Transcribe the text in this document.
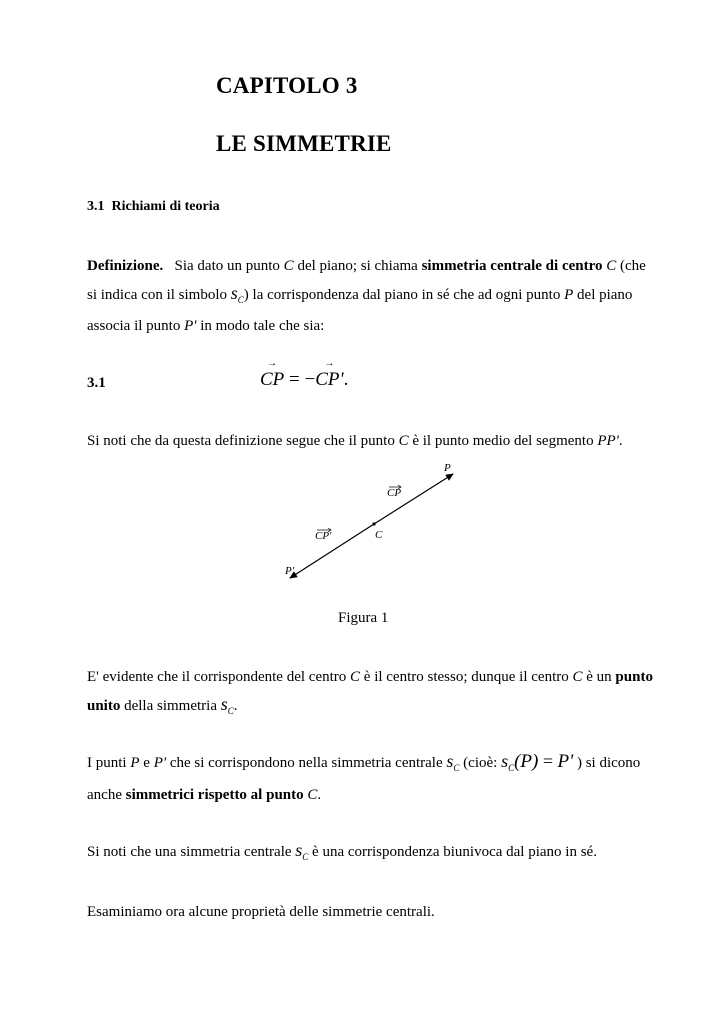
CAPITOLO 3
LE SIMMETRIE
3.1 Richiami di teoria
Definizione. Sia dato un punto C del piano; si chiama simmetria centrale di centro C (che
si indica con il simbolo $s_C$) la corrispondenza dal piano in sé che ad ogni punto P del piano
associa il punto P' in modo tale che sia:
3.1
→
CP = −
→
CP'.
Si noti che da questa definizione segue che il punto C è il punto medio del segmento PP'.
P
CP
CP'	C
P'
Figura 1
E' evidente che il corrispondente del centro C è il centro stesso; dunque il centro C è un punto
unito della simmetria $s_C$.
I punti P e P' che si corrispondono nella simmetria centrale $s_C$ (cioè: $s_C(P) = P'$ ) si dicono
anche simmetrici rispetto al punto C.
Si noti che una simmetria centrale $s_C$ è una corrispondenza biunivoca dal piano in sé.
Esaminiamo ora alcune proprietà delle simmetrie centrali.
